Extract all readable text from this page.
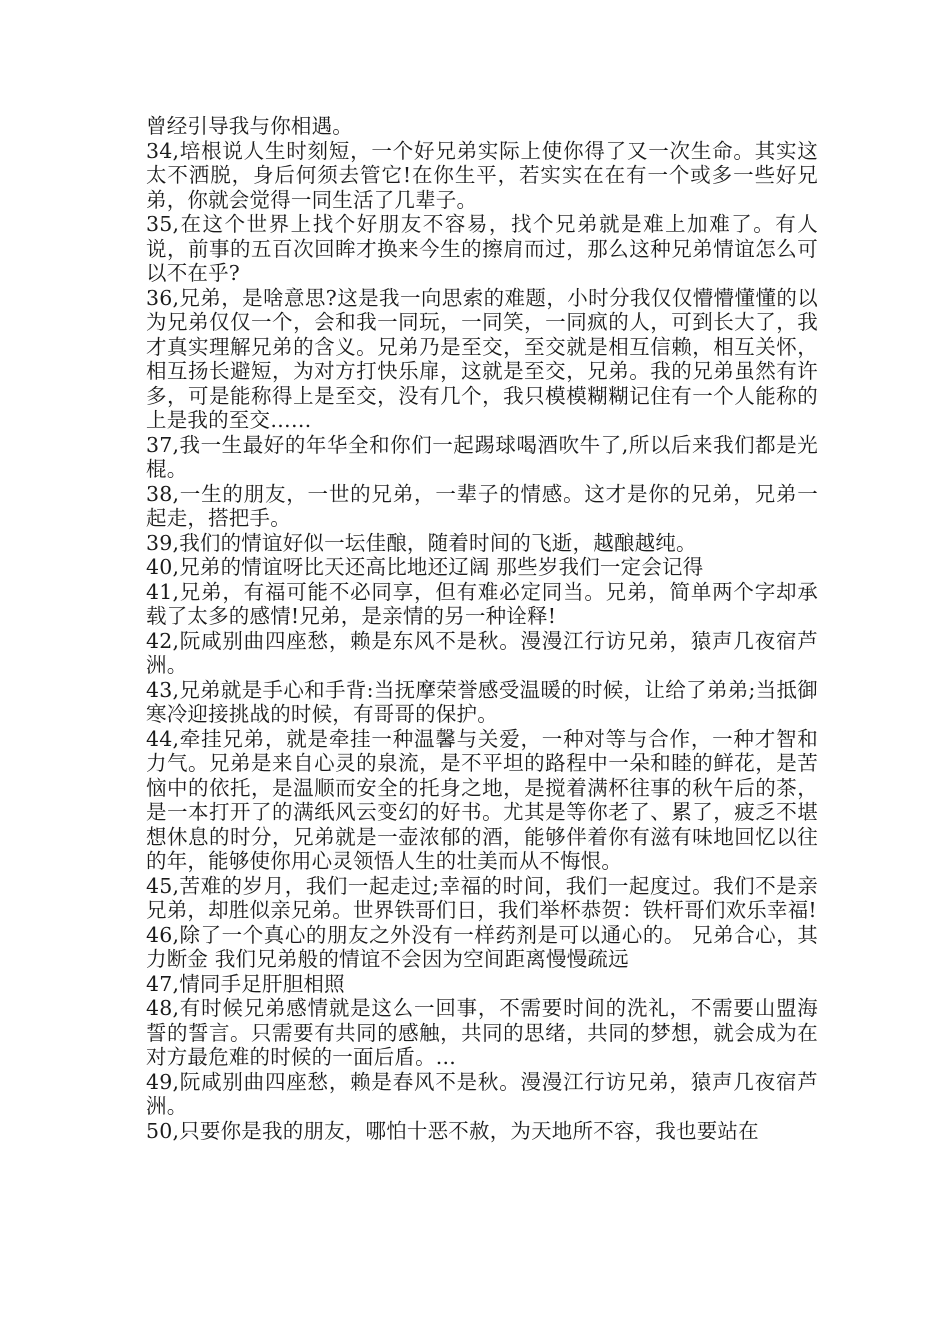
曾经引导我与你相遇。

34,培根说人生时刻短，一个好兄弟实际上使你得了又一次生命。其实这太不洒脱，身后何须去管它!在你生平，若实实在在有一个或多一些好兄弟，你就会觉得一同生活了几辈子。

35,在这个世界上找个好朋友不容易，找个兄弟就是难上加难了。有人说，前事的五百次回眸才换来今生的擦肩而过，那么这种兄弟情谊怎么可以不在乎?

36,兄弟，是啥意思?这是我一向思索的难题，小时分我仅仅懵懵懂懂的以为兄弟仅仅一个，会和我一同玩，一同笑，一同疯的人，可到长大了，我才真实理解兄弟的含义。兄弟乃是至交，至交就是相互信赖，相互关怀，相互扬长避短，为对方打快乐扉，这就是至交，兄弟。我的兄弟虽然有许多，可是能称得上是至交，没有几个，我只模模糊糊记住有一个人能称的上是我的至交……

37,我一生最好的年华全和你们一起踢球喝酒吹牛了,所以后来我们都是光棍。

38,一生的朋友，一世的兄弟，一辈子的情感。这才是你的兄弟，兄弟一起走，搭把手。

39,我们的情谊好似一坛佳酿，随着时间的飞逝，越酿越纯。

40,兄弟的情谊呀比天还高比地还辽阔 那些岁我们一定会记得

41,兄弟，有福可能不必同享，但有难必定同当。兄弟，简单两个字却承载了太多的感情!兄弟，是亲情的另一种诠释!

42,阮咸别曲四座愁，赖是东风不是秋。漫漫江行访兄弟，猿声几夜宿芦洲。

43,兄弟就是手心和手背:当抚摩荣誉感受温暖的时候，让给了弟弟;当抵御寒冷迎接挑战的时候，有哥哥的保护。

44,牵挂兄弟，就是牵挂一种温馨与关爱，一种对等与合作，一种才智和力气。兄弟是来自心灵的泉流，是不平坦的路程中一朵和睦的鲜花，是苦恼中的依托，是温顺而安全的托身之地，是搅着满杯往事的秋午后的茶，是一本打开了的满纸风云变幻的好书。尤其是等你老了、累了，疲乏不堪想休息的时分，兄弟就是一壶浓郁的酒，能够伴着你有滋有味地回忆以往的年，能够使你用心灵领悟人生的壮美而从不悔恨。

45,苦难的岁月，我们一起走过;幸福的时间，我们一起度过。我们不是亲兄弟，却胜似亲兄弟。世界铁哥们日，我们举杯恭贺：铁杆哥们欢乐幸福!

46,除了一个真心的朋友之外没有一样药剂是可以通心的。 兄弟合心，其力断金 我们兄弟般的情谊不会因为空间距离慢慢疏远

47,情同手足肝胆相照

48,有时候兄弟感情就是这么一回事，不需要时间的洗礼，不需要山盟海誓的誓言。只需要有共同的感触，共同的思绪，共同的梦想，就会成为在对方最危难的时候的一面后盾。...

49,阮咸别曲四座愁，赖是春风不是秋。漫漫江行访兄弟，猿声几夜宿芦洲。

50,只要你是我的朋友，哪怕十恶不赦，为天地所不容，我也要站在
